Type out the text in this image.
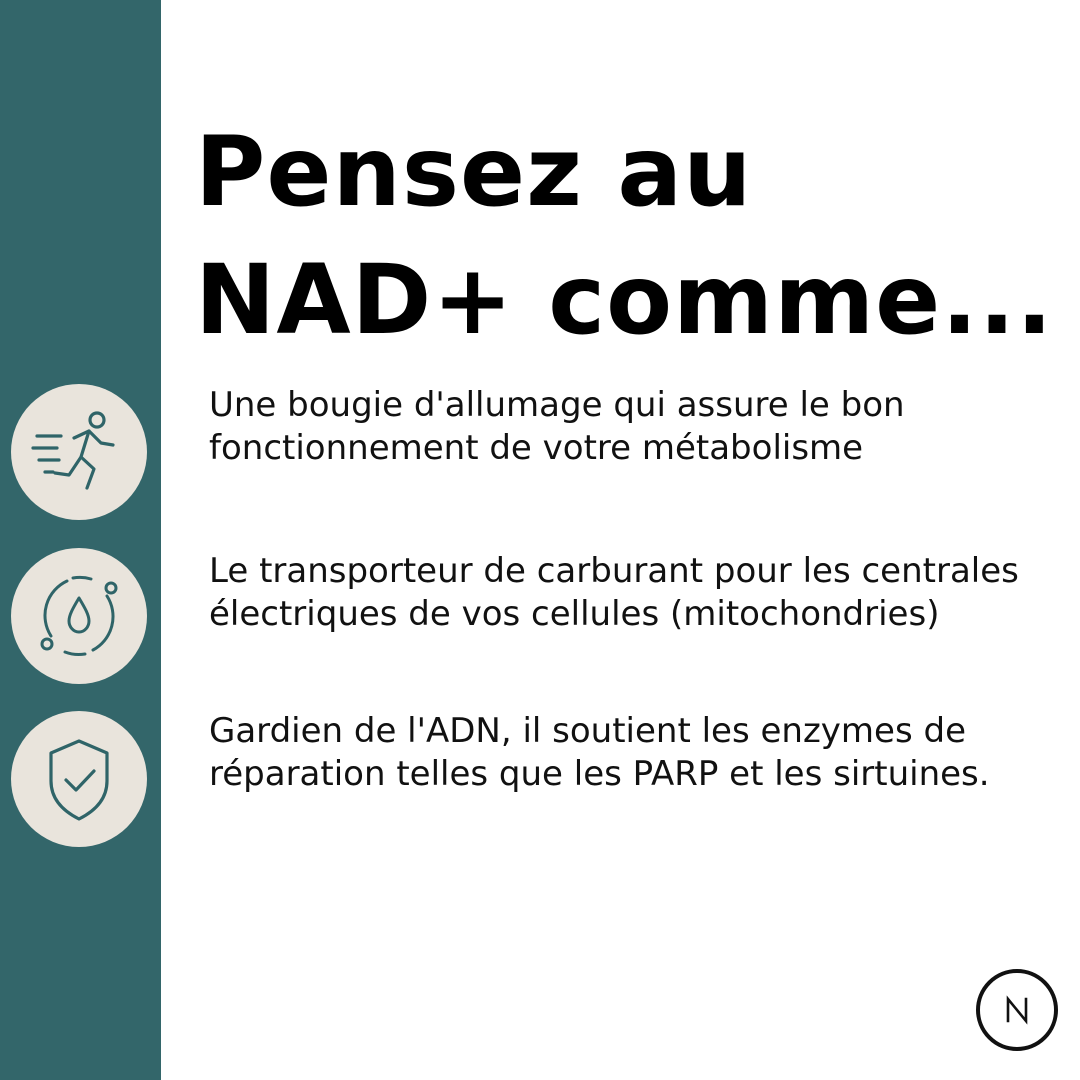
Pensez au
NAD+ comme...

Une bougie d'allumage qui assure le bon fonctionnement de votre métabolisme

Le transporteur de carburant pour les centrales électriques de vos cellules (mitochondries)

Gardien de l'ADN, il soutient les enzymes de réparation telles que les PARP et les sirtuines.
